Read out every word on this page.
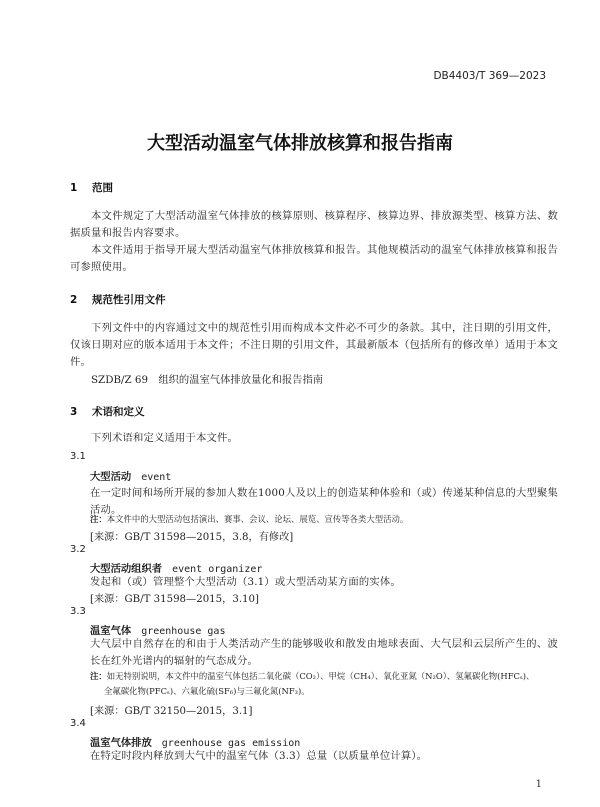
DB4403/T 369—2023
大型活动温室气体排放核算和报告指南
1 范围
本文件规定了大型活动温室气体排放的核算原则、核算程序、核算边界、排放源类型、核算方法、数据质量和报告内容要求。
本文件适用于指导开展大型活动温室气体排放核算和报告。其他规模活动的温室气体排放核算和报告可参照使用。
2 规范性引用文件
下列文件中的内容通过文中的规范性引用而构成本文件必不可少的条款。其中，注日期的引用文件，仅该日期对应的版本适用于本文件；不注日期的引用文件，其最新版本（包括所有的修改单）适用于本文件。
SZDB/Z 69　组织的温室气体排放量化和报告指南
3 术语和定义
下列术语和定义适用于本文件。
3.1
大型活动 event
在一定时间和场所开展的参加人数在1000人及以上的创造某种体验和（或）传递某种信息的大型聚集活动。
注：本文件中的大型活动包括演出、赛事、会议、论坛、展览、宣传等各类大型活动。
[来源：GB/T 31598—2015，3.8，有修改]
3.2
大型活动组织者 event organizer
发起和（或）管理整个大型活动（3.1）或大型活动某方面的实体。
[来源：GB/T 31598—2015，3.10]
3.3
温室气体 greenhouse gas
大气层中自然存在的和由于人类活动产生的能够吸收和散发由地球表面、大气层和云层所产生的、波长在红外光谱内的辐射的气态成分。
注：如无特别说明，本文件中的温室气体包括二氧化碳（CO₂）、甲烷（CH₄）、氧化亚氮（N₂O）、氢氟碳化物(HFCₛ)、
全氟碳化物(PFCₛ)、六氟化硫(SF₆)与三氟化氮(NF₃)。
[来源：GB/T 32150—2015，3.1]
3.4
温室气体排放 greenhouse gas emission
在特定时段内释放到大气中的温室气体（3.3）总量（以质量单位计算）。
1
